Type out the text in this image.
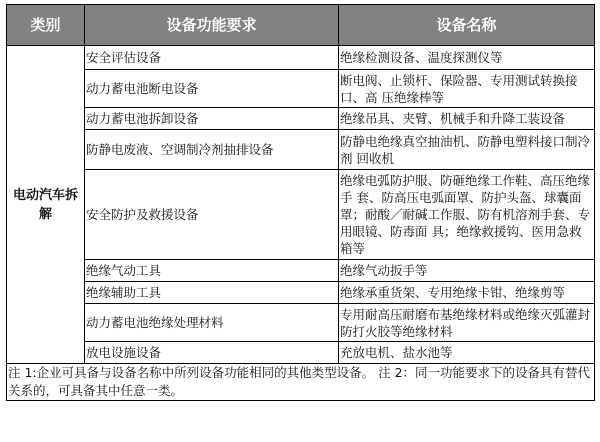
类别	设备功能要求	设备名称
电动汽车拆解	安全评估设备	绝缘检测设备、温度探测仪等
	动力蓄电池断电设备	断电阀、止锁杆、保险器、专用测试转换接口、高 压绝缘棒等
	动力蓄电池拆卸设备	绝缘吊具、夹臂、机械手和升降工装设备
	防静电废液、空调制冷剂抽排设备	防静电绝缘真空抽油机、防静电塑料接口制冷剂 回收机
	安全防护及救援设备	绝缘电弧防护服、防砸绝缘工作鞋、高压绝缘手 套、防高压电弧面罩、防护头盔、球囊面罩；耐酸／耐碱工作服、防有机溶剂手套、专用眼镜、防毒面 具；绝缘救援钩、医用急救箱等
	绝缘气动工具	绝缘气动扳手等
	绝缘辅助工具	绝缘承重货架、专用绝缘卡钳、绝缘剪等
	动力蓄电池绝缘处理材料	专用耐高压耐磨布基绝缘材料或绝缘灭弧灌封 防打火胶等绝缘材料
	放电设施设备	充放电机、盐水池等
注 1:企业可具备与设备名称中所列设备功能相同的其他类型设备。 注 2：同一功能要求下的设备具有替代关系的，可具备其中任意一类。		
